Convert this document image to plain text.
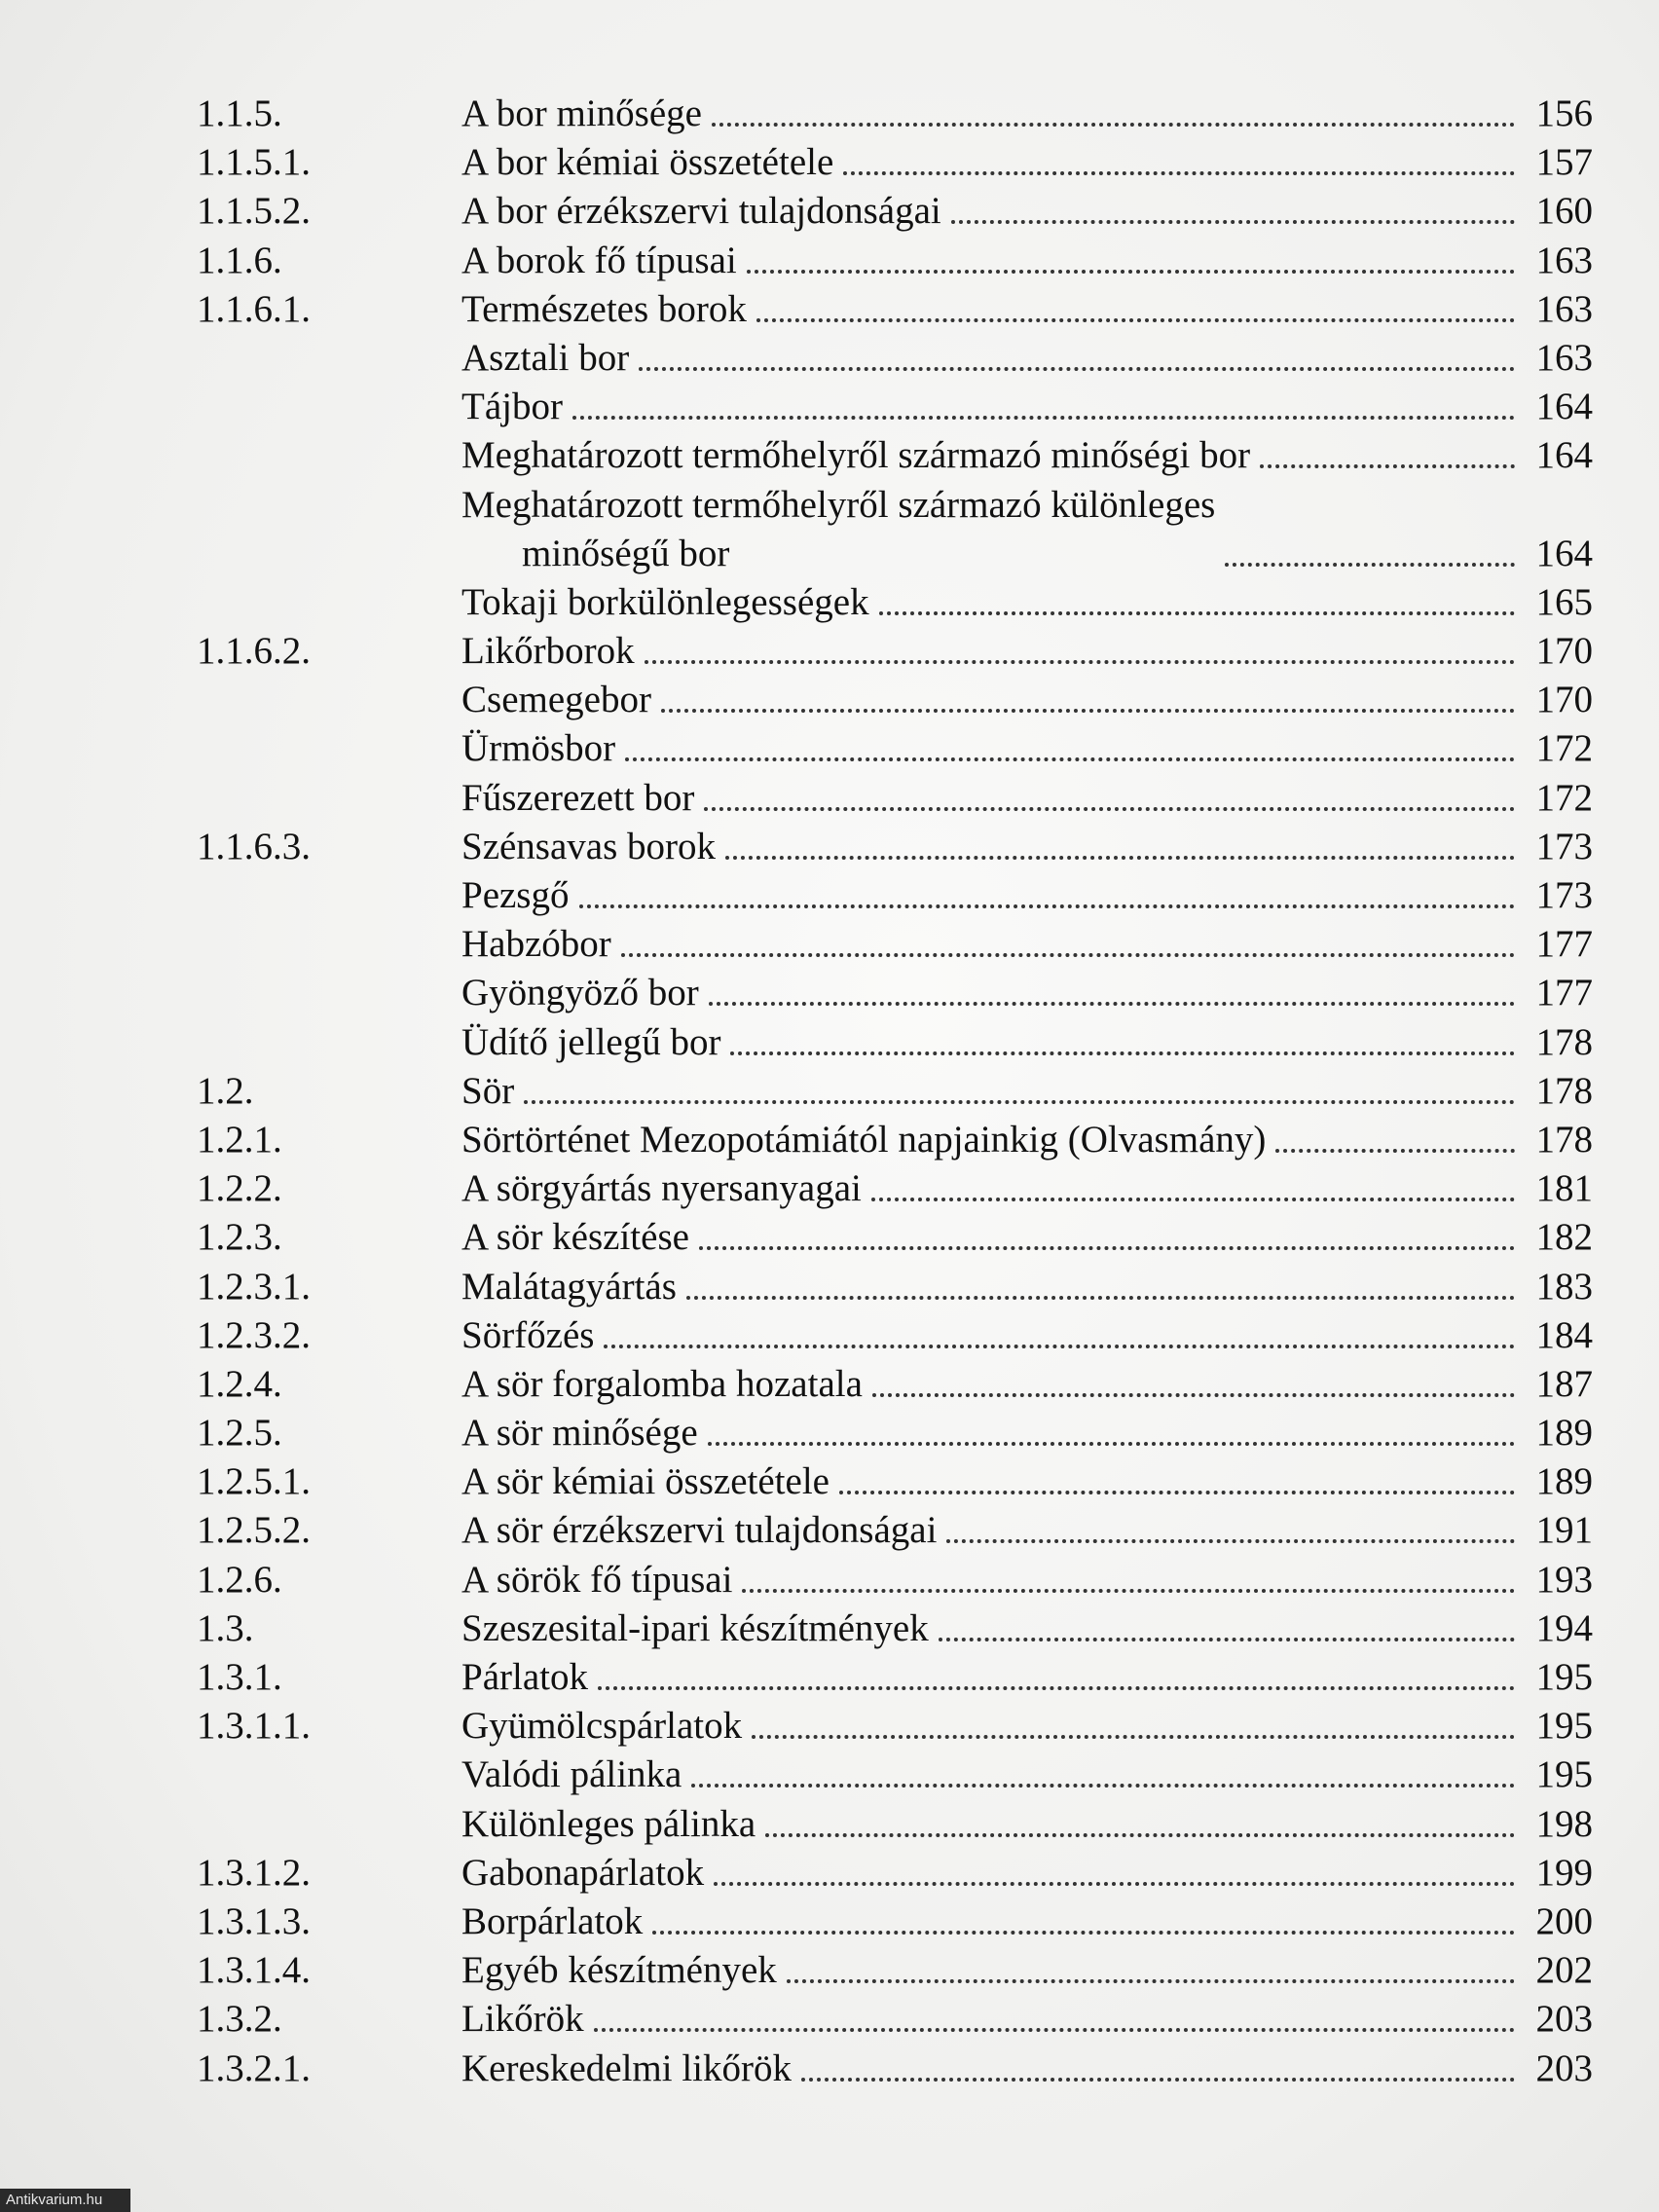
1.1.5.	A bor minősége	156
1.1.5.1.	A bor kémiai összetétele	157
1.1.5.2.	A bor érzékszervi tulajdonságai	160
1.1.6.	A borok fő típusai	163
1.1.6.1.	Természetes borok	163
Asztali bor	163
Tájbor	164
Meghatározott termőhelyről származó minőségi bor	164
Meghatározott termőhelyről származó különleges
minőségű bor	164
Tokaji borkülönlegességek	165
1.1.6.2.	Likőrborok	170
Csemegebor	170
Ürmösbor	172
Fűszerezett bor	172
1.1.6.3.	Szénsavas borok	173
Pezsgő	173
Habzóbor	177
Gyöngyöző bor	177
Üdítő jellegű bor	178
1.2.	Sör	178
1.2.1.	Sörtörténet Mezopotámiától napjainkig (Olvasmány)	178
1.2.2.	A sörgyártás nyersanyagai	181
1.2.3.	A sör készítése	182
1.2.3.1.	Malátagyártás	183
1.2.3.2.	Sörfőzés	184
1.2.4.	A sör forgalomba hozatala	187
1.2.5.	A sör minősége	189
1.2.5.1.	A sör kémiai összetétele	189
1.2.5.2.	A sör érzékszervi tulajdonságai	191
1.2.6.	A sörök fő típusai	193
1.3.	Szeszesital-ipari készítmények	194
1.3.1.	Párlatok	195
1.3.1.1.	Gyümölcspárlatok	195
Valódi pálinka	195
Különleges pálinka	198
1.3.1.2.	Gabonapárlatok	199
1.3.1.3.	Borpárlatok	200
1.3.1.4.	Egyéb készítmények	202
1.3.2.	Likőrök	203
1.3.2.1.	Kereskedelmi likőrök	203
Antikvarium.hu
